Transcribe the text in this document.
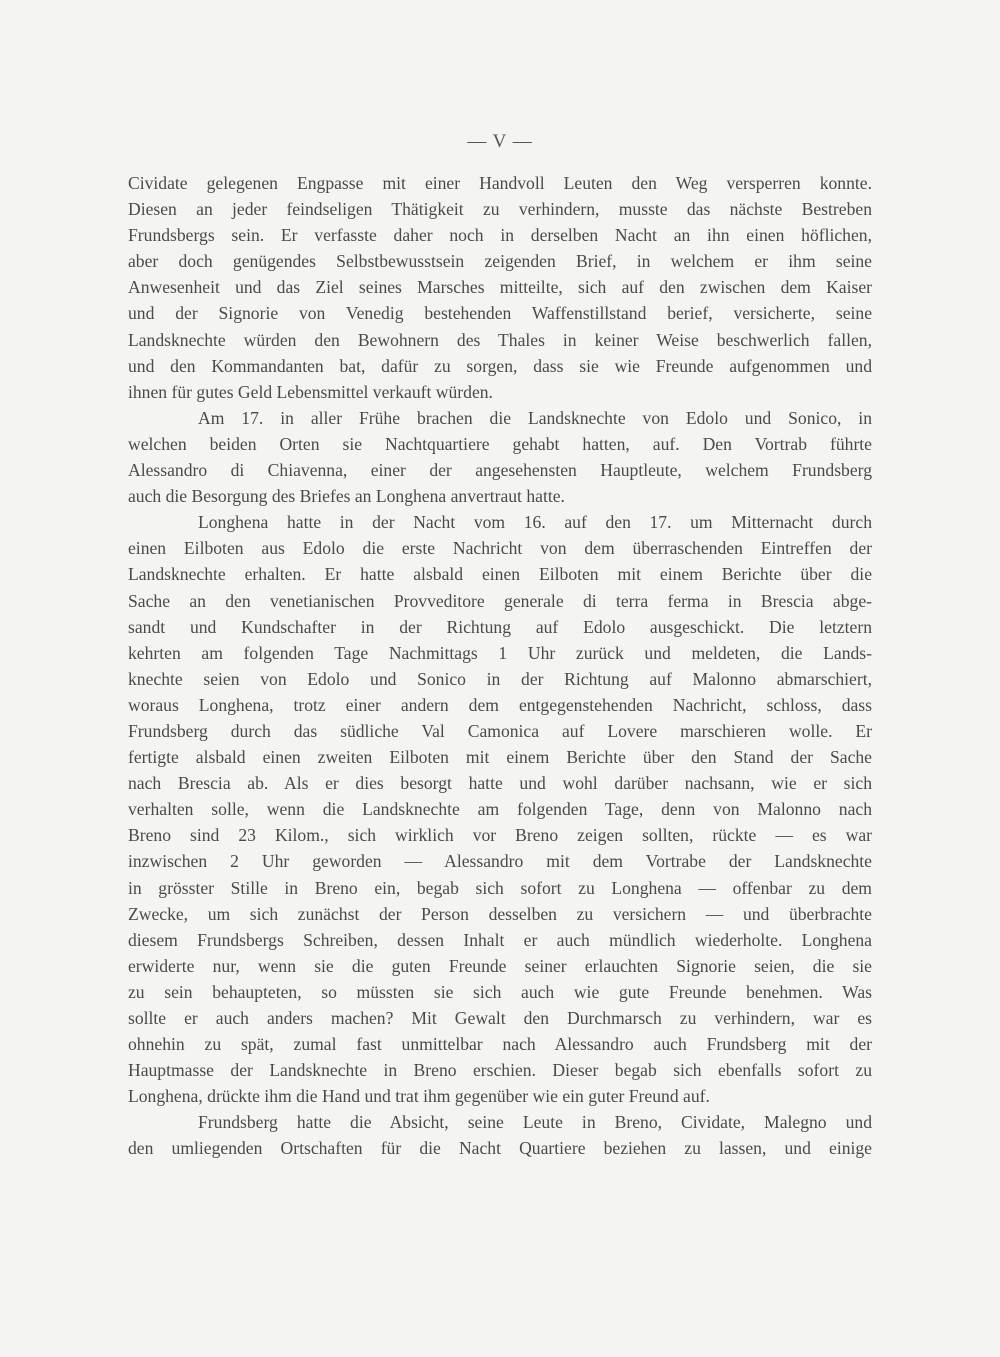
— V —
Cividate gelegenen Engpasse mit einer Handvoll Leuten den Weg versperren konnte.
Diesen an jeder feindseligen Thätigkeit zu verhindern, musste das nächste Bestreben
Frundsbergs sein. Er verfasste daher noch in derselben Nacht an ihn einen höflichen,
aber doch genügendes Selbstbewusstsein zeigenden Brief, in welchem er ihm seine
Anwesenheit und das Ziel seines Marsches mitteilte, sich auf den zwischen dem Kaiser
und der Signorie von Venedig bestehenden Waffenstillstand berief, versicherte, seine
Landsknechte würden den Bewohnern des Thales in keiner Weise beschwerlich fallen,
und den Kommandanten bat, dafür zu sorgen, dass sie wie Freunde aufgenommen und
ihnen für gutes Geld Lebensmittel verkauft würden.
Am 17. in aller Frühe brachen die Landsknechte von Edolo und Sonico, in
welchen beiden Orten sie Nachtquartiere gehabt hatten, auf. Den Vortrab führte
Alessandro di Chiavenna, einer der angesehensten Hauptleute, welchem Frundsberg
auch die Besorgung des Briefes an Longhena anvertraut hatte.
Longhena hatte in der Nacht vom 16. auf den 17. um Mitternacht durch
einen Eilboten aus Edolo die erste Nachricht von dem überraschenden Eintreffen der
Landsknechte erhalten. Er hatte alsbald einen Eilboten mit einem Berichte über die
Sache an den venetianischen Provveditore generale di terra ferma in Brescia abge-
sandt und Kundschafter in der Richtung auf Edolo ausgeschickt. Die letztern
kehrten am folgenden Tage Nachmittags 1 Uhr zurück und meldeten, die Lands-
knechte seien von Edolo und Sonico in der Richtung auf Malonno abmarschiert,
woraus Longhena, trotz einer andern dem entgegenstehenden Nachricht, schloss, dass
Frundsberg durch das südliche Val Camonica auf Lovere marschieren wolle. Er
fertigte alsbald einen zweiten Eilboten mit einem Berichte über den Stand der Sache
nach Brescia ab. Als er dies besorgt hatte und wohl darüber nachsann, wie er sich
verhalten solle, wenn die Landsknechte am folgenden Tage, denn von Malonno nach
Breno sind 23 Kilom., sich wirklich vor Breno zeigen sollten, rückte — es war
inzwischen 2 Uhr geworden — Alessandro mit dem Vortrabe der Landsknechte
in grösster Stille in Breno ein, begab sich sofort zu Longhena — offenbar zu dem
Zwecke, um sich zunächst der Person desselben zu versichern — und überbrachte
diesem Frundsbergs Schreiben, dessen Inhalt er auch mündlich wiederholte. Longhena
erwiderte nur, wenn sie die guten Freunde seiner erlauchten Signorie seien, die sie
zu sein behaupteten, so müssten sie sich auch wie gute Freunde benehmen. Was
sollte er auch anders machen? Mit Gewalt den Durchmarsch zu verhindern, war es
ohnehin zu spät, zumal fast unmittelbar nach Alessandro auch Frundsberg mit der
Hauptmasse der Landsknechte in Breno erschien. Dieser begab sich ebenfalls sofort zu
Longhena, drückte ihm die Hand und trat ihm gegenüber wie ein guter Freund auf.
Frundsberg hatte die Absicht, seine Leute in Breno, Cividate, Malegno und
den umliegenden Ortschaften für die Nacht Quartiere beziehen zu lassen, und einige
